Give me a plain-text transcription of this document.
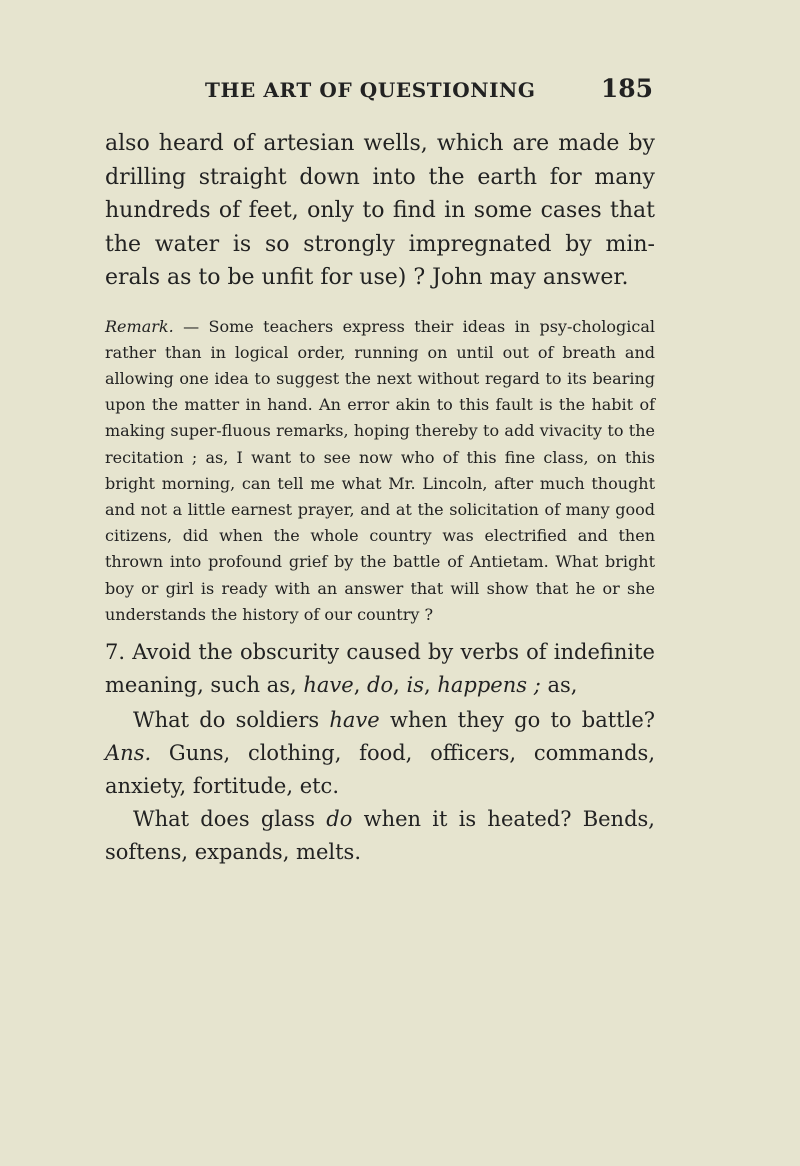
THE ART OF QUESTIONING	185

also heard of artesian wells, which are made by drilling straight down into the earth for many hundreds of feet, only to find in some cases that the water is so strongly impregnated by min-erals as to be unfit for use) ? John may answer.

Remark. — Some teachers express their ideas in psy-chological rather than in logical order, running on until out of breath and allowing one idea to suggest the next without regard to its bearing upon the matter in hand. An error akin to this fault is the habit of making super-fluous remarks, hoping thereby to add vivacity to the recitation ; as, I want to see now who of this fine class, on this bright morning, can tell me what Mr. Lincoln, after much thought and not a little earnest prayer, and at the solicitation of many good citizens, did when the whole country was electrified and then thrown into profound grief by the battle of Antietam. What bright boy or girl is ready with an answer that will show that he or she understands the history of our country ?

7. Avoid the obscurity caused by verbs of indefinite meaning, such as, have, do, is, happens ; as,

What do soldiers have when they go to battle? Ans. Guns, clothing, food, officers, commands, anxiety, fortitude, etc.

What does glass do when it is heated? Bends, softens, expands, melts.
